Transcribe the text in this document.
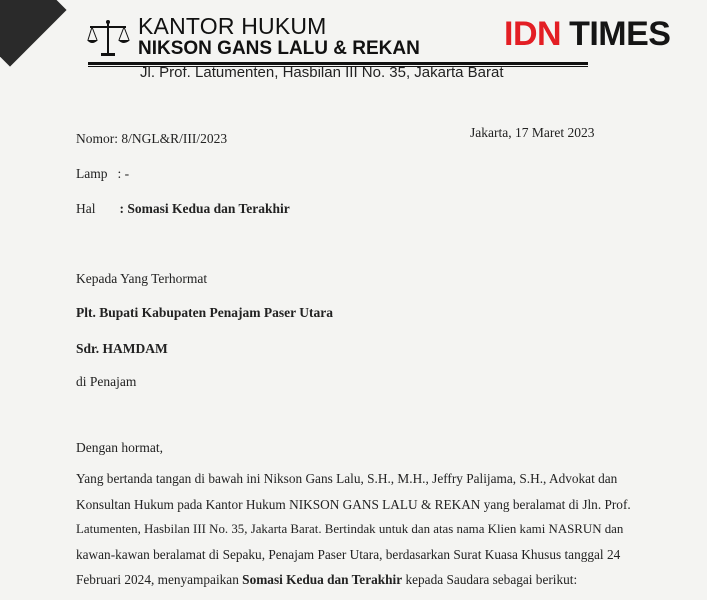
KANTOR HUKUM
NIKSON GANS LALU & REKAN
Jl. Prof. Latumenten, Hasbilan III No. 35, Jakarta Barat
IDN TIMES
Nomor: 8/NGL&R/III/2023	Jakarta, 17 Maret 2023
Lamp : -
Hal : Somasi Kedua dan Terakhir
Kepada Yang Terhormat
Plt. Bupati Kabupaten Penajam Paser Utara
Sdr. HAMDAM
di Penajam
Dengan hormat,
Yang bertanda tangan di bawah ini Nikson Gans Lalu, S.H., M.H., Jeffry Palijama, S.H., Advokat dan
Konsultan Hukum pada Kantor Hukum NIKSON GANS LALU & REKAN yang beralamat di Jln. Prof.
Latumenten, Hasbilan III No. 35, Jakarta Barat. Bertindak untuk dan atas nama Klien kami NASRUN dan
kawan-kawan beralamat di Sepaku, Penajam Paser Utara, berdasarkan Surat Kuasa Khusus tanggal 24
Februari 2024, menyampaikan Somasi Kedua dan Terakhir kepada Saudara sebagai berikut:
